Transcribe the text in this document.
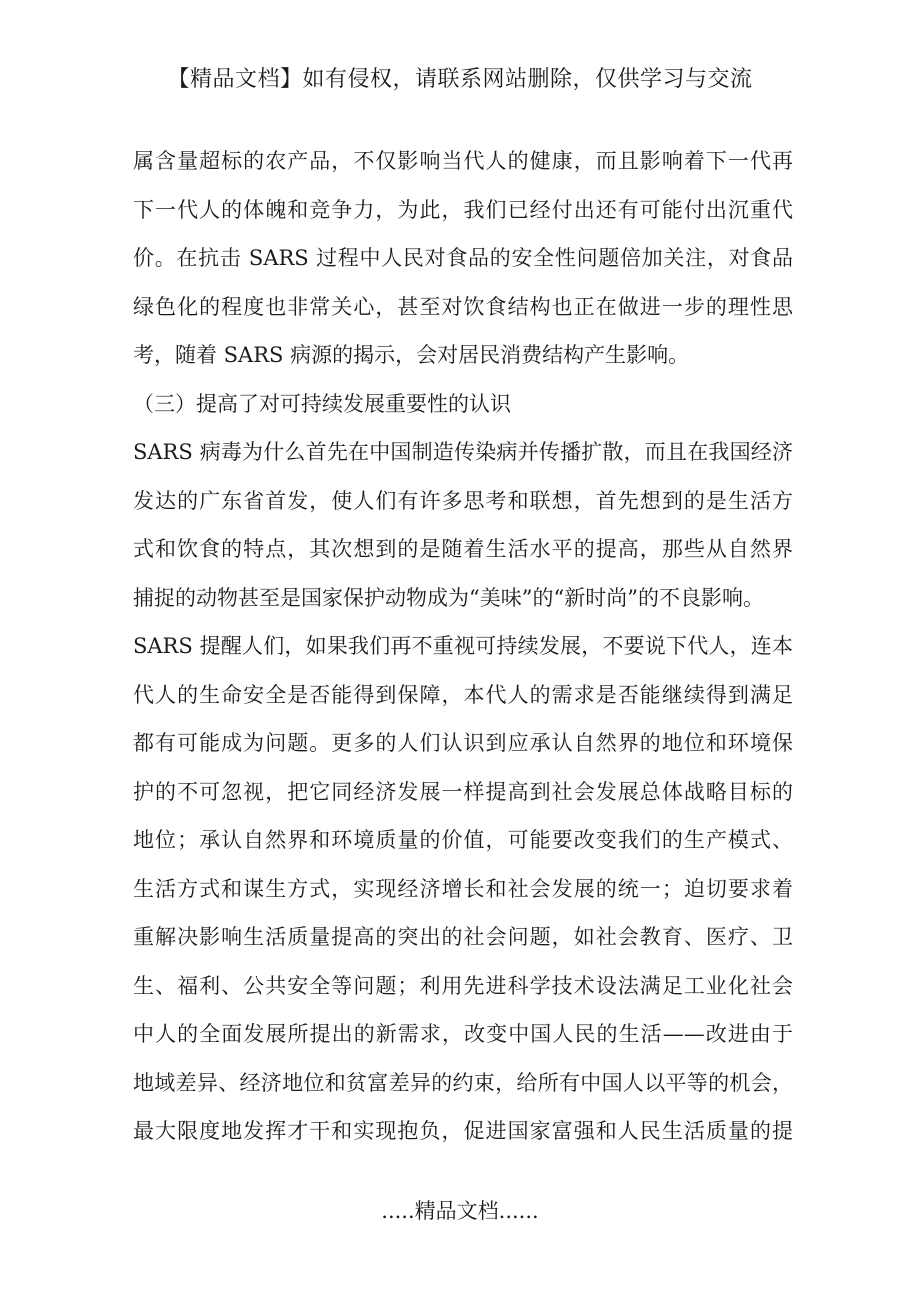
【精品文档】如有侵权，请联系网站删除，仅供学习与交流
属含量超标的农产品，不仅影响当代人的健康，而且影响着下一代再
下一代人的体魄和竞争力，为此，我们已经付出还有可能付出沉重代
价。在抗击 SARS 过程中人民对食品的安全性问题倍加关注，对食品
绿色化的程度也非常关心，甚至对饮食结构也正在做进一步的理性思
考，随着 SARS 病源的揭示，会对居民消费结构产生影响。
（三）提高了对可持续发展重要性的认识
SARS 病毒为什么首先在中国制造传染病并传播扩散，而且在我国经济
发达的广东省首发，使人们有许多思考和联想，首先想到的是生活方
式和饮食的特点，其次想到的是随着生活水平的提高，那些从自然界
捕捉的动物甚至是国家保护动物成为“美味”的“新时尚”的不良影响。
SARS 提醒人们，如果我们再不重视可持续发展，不要说下代人，连本
代人的生命安全是否能得到保障，本代人的需求是否能继续得到满足
都有可能成为问题。更多的人们认识到应承认自然界的地位和环境保
护的不可忽视，把它同经济发展一样提高到社会发展总体战略目标的
地位；承认自然界和环境质量的价值，可能要改变我们的生产模式、
生活方式和谋生方式，实现经济增长和社会发展的统一；迫切要求着
重解决影响生活质量提高的突出的社会问题，如社会教育、医疗、卫
生、福利、公共安全等问题；利用先进科学技术设法满足工业化社会
中人的全面发展所提出的新需求，改变中国人民的生活——改进由于
地域差异、经济地位和贫富差异的约束，给所有中国人以平等的机会，
最大限度地发挥才干和实现抱负，促进国家富强和人民生活质量的提
.....精品文档......
